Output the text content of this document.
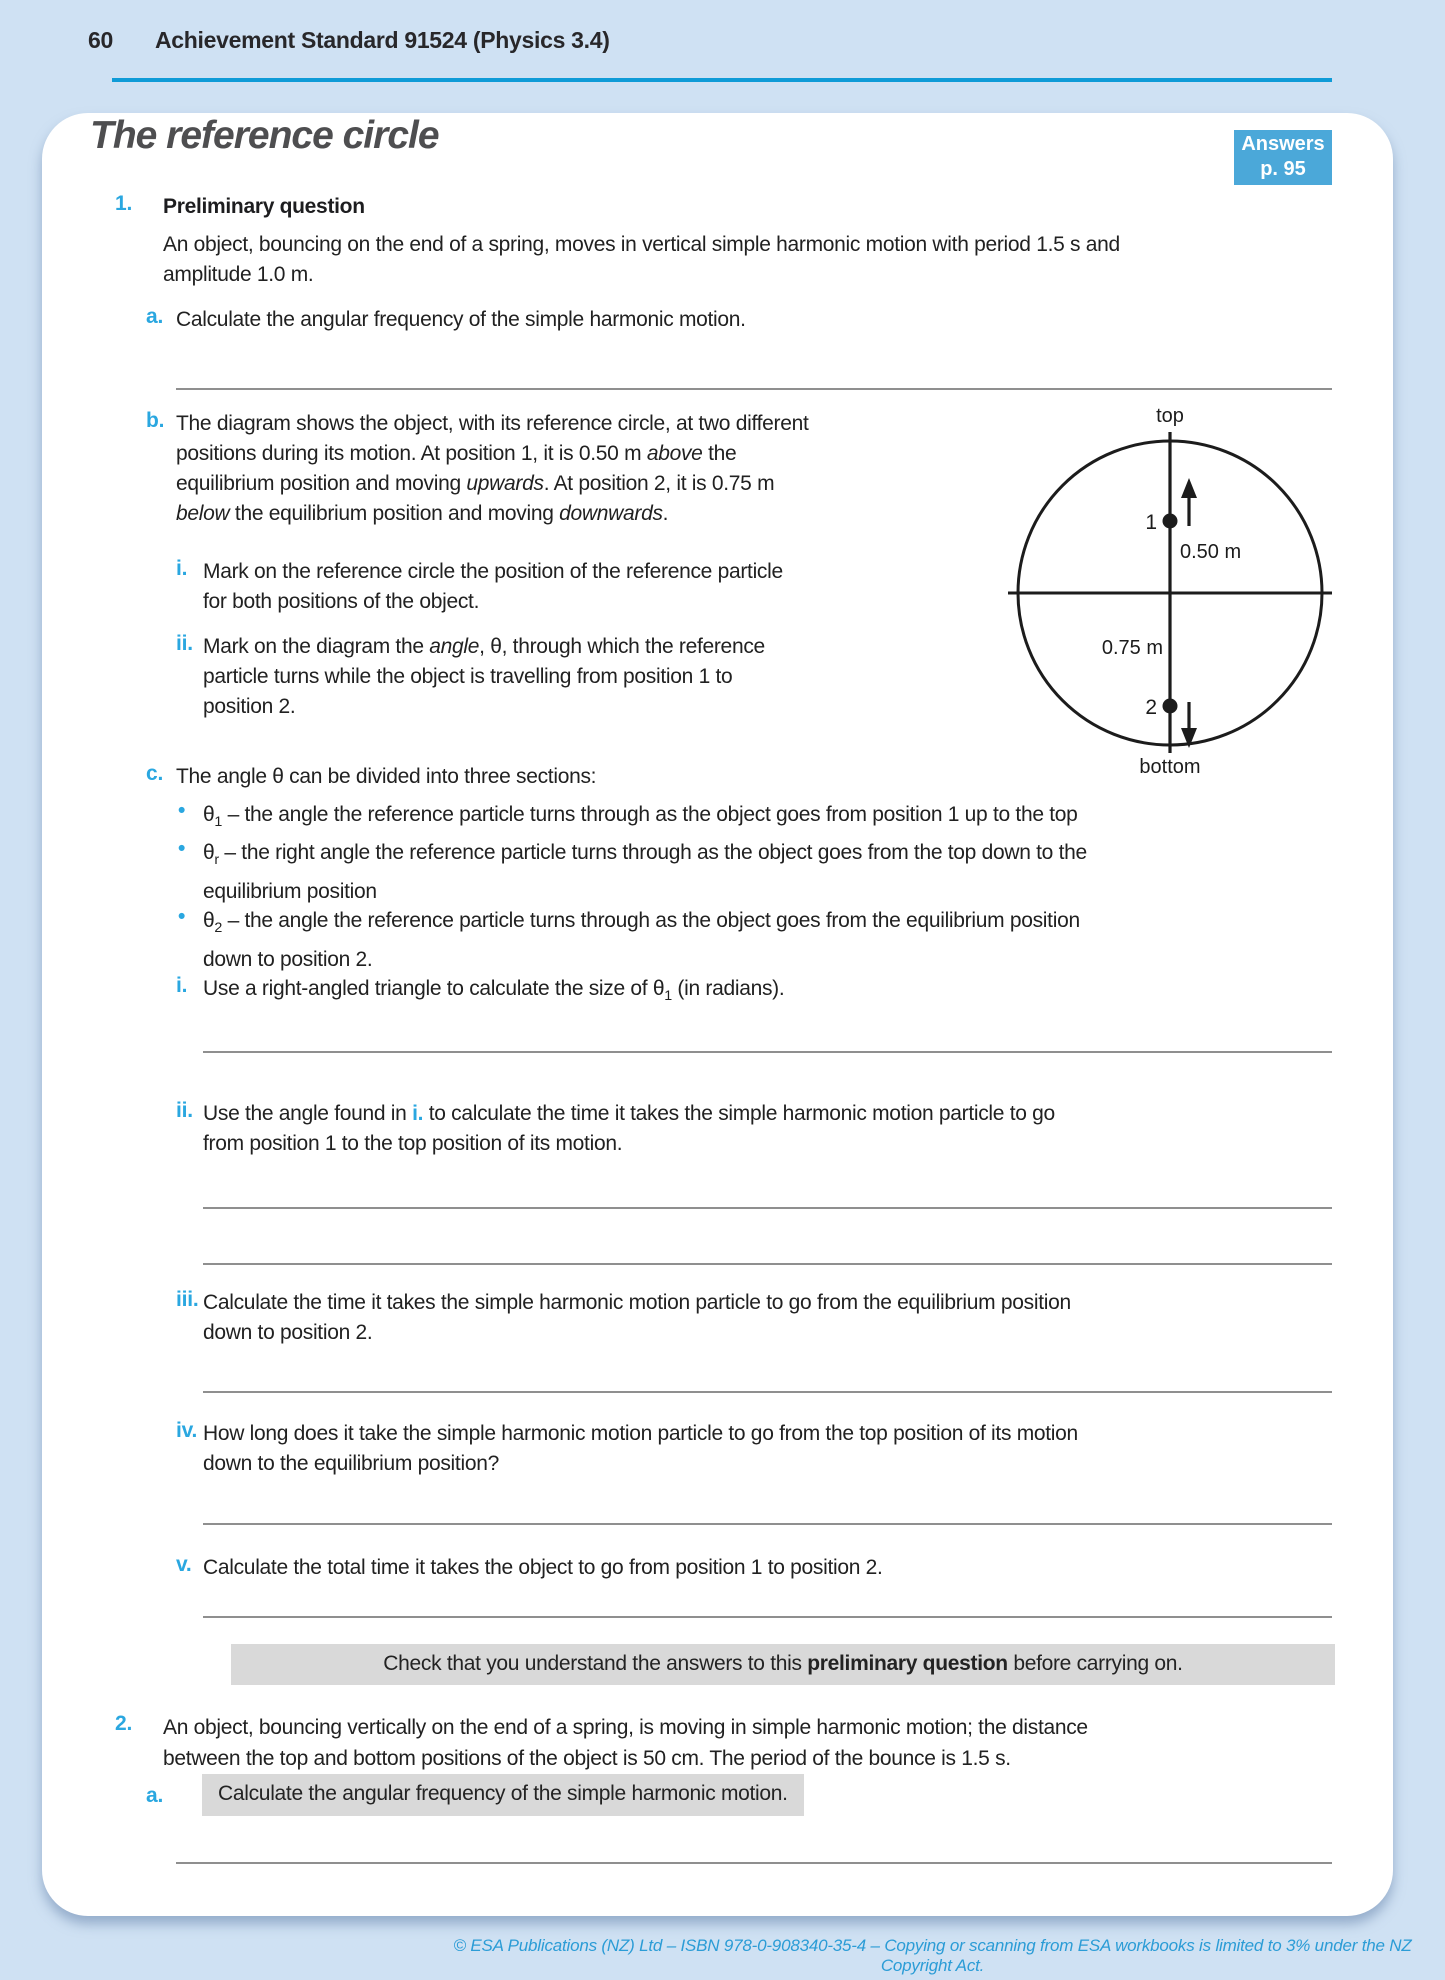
60 Achievement Standard 91524 (Physics 3.4)
The reference circle	Answers
p. 95
1. Preliminary question
An object, bouncing on the end of a spring, moves in vertical simple harmonic motion with period 1.5 s and
amplitude 1.0 m.
a. Calculate the angular frequency of the simple harmonic motion.
b. The diagram shows the object, with its reference circle, at two different
positions during its motion. At position 1, it is 0.50 m above the
equilibrium position and moving upwards. At position 2, it is 0.75 m
below the equilibrium position and moving downwards.
i. Mark on the reference circle the position of the reference particle
for both positions of the object.
ii. Mark on the diagram the angle, θ, through which the reference
particle turns while the object is travelling from position 1 to
position 2.
c. The angle θ can be divided into three sections:
• $\theta_1$ – the angle the reference particle turns through as the object goes from position 1 up to the top
• $\theta_r$ – the right angle the reference particle turns through as the object goes from the top down to the
equilibrium position
• $\theta_2$ – the angle the reference particle turns through as the object goes from the equilibrium position
down to position 2.
i. Use a right-angled triangle to calculate the size of $\theta_1$ (in radians).
ii. Use the angle found in i. to calculate the time it takes the simple harmonic motion particle to go
from position 1 to the top position of its motion.
iii. Calculate the time it takes the simple harmonic motion particle to go from the equilibrium position
down to position 2.
iv. How long does it take the simple harmonic motion particle to go from the top position of its motion
down to the equilibrium position?
v. Calculate the total time it takes the object to go from position 1 to position 2.
Check that you understand the answers to this preliminary question before carrying on.
2. An object, bouncing vertically on the end of a spring, is moving in simple harmonic motion; the distance
between the top and bottom positions of the object is 50 cm. The period of the bounce is 1.5 s.
a.	Calculate the angular frequency of the simple harmonic motion.
top
1
0.50 m
0.75 m
2
bottom
© ESA Publications (NZ) Ltd – ISBN 978-0-908340-35-4 – Copying or scanning from ESA workbooks is limited to 3% under the NZ Copyright Act.
